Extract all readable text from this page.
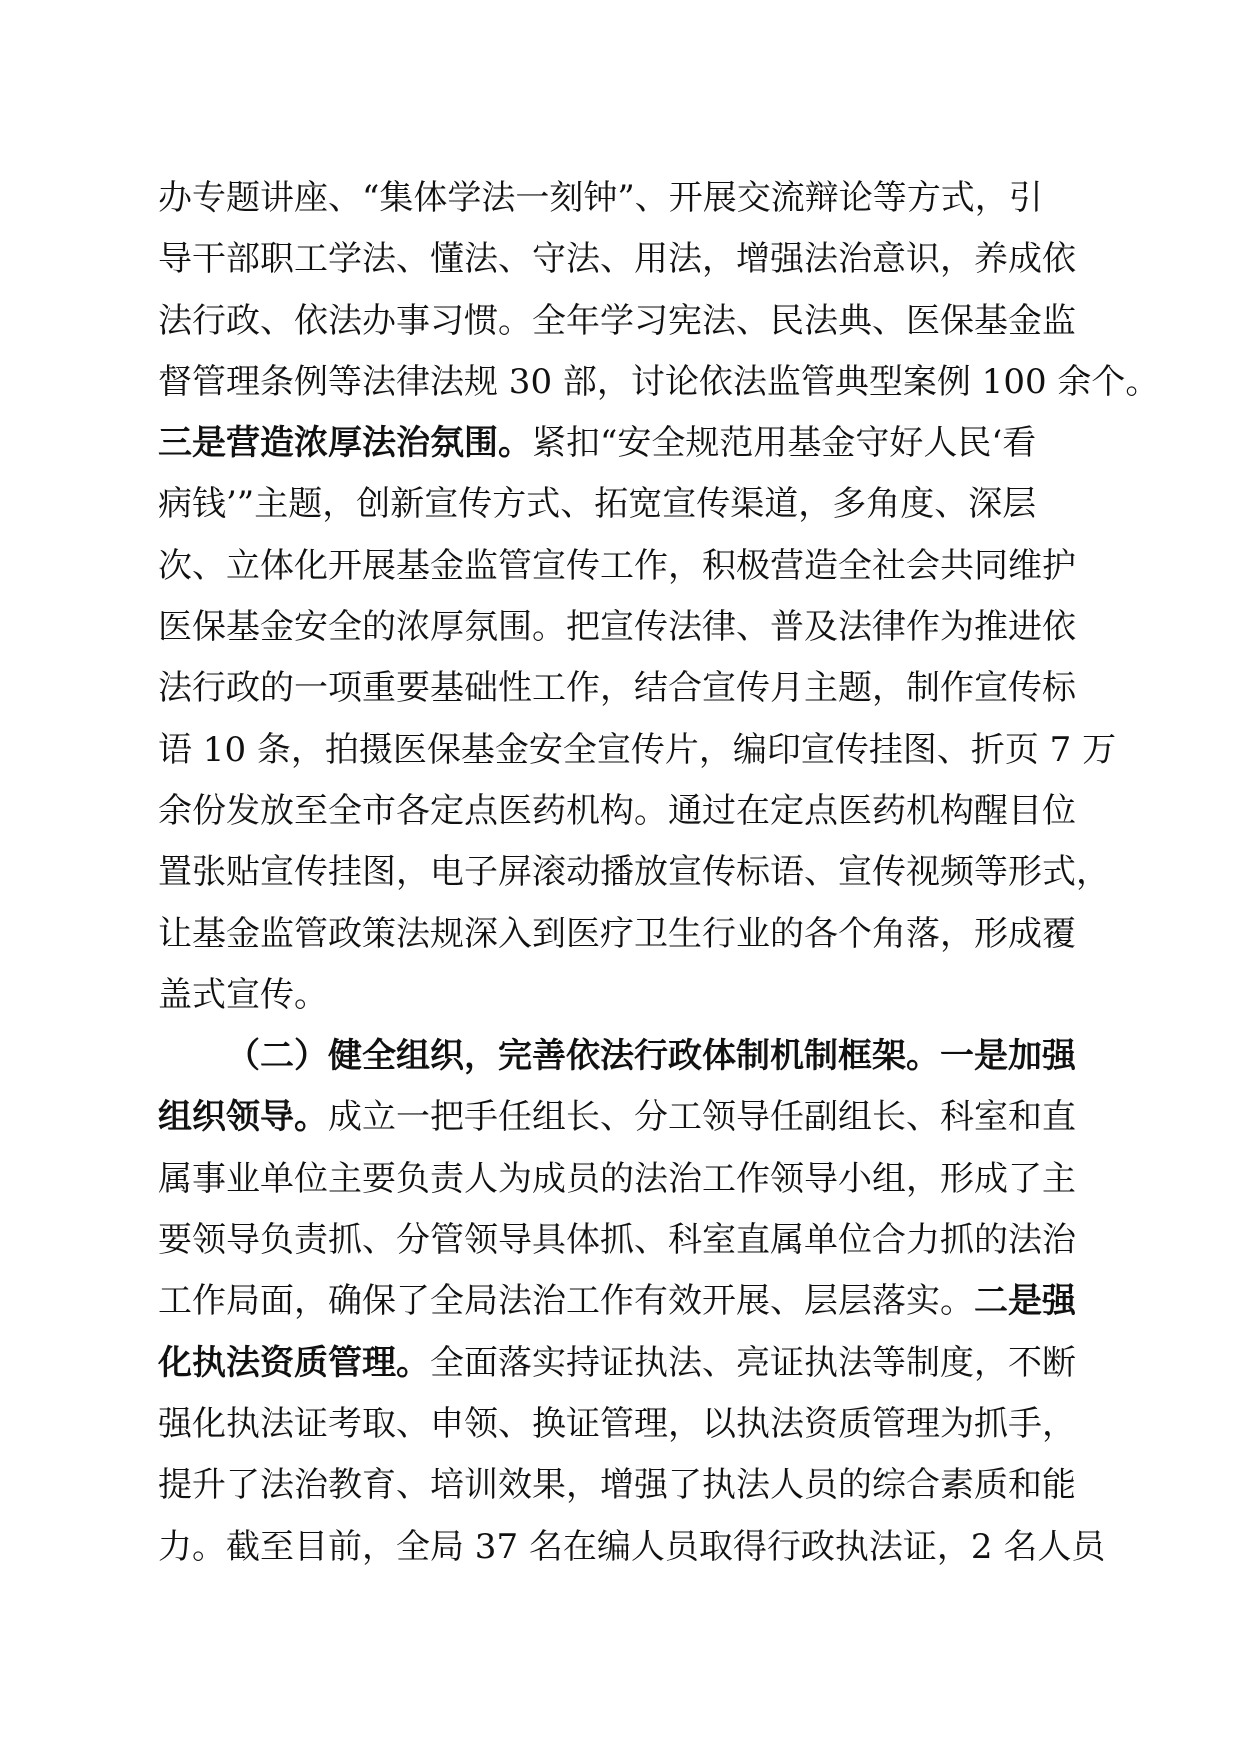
办专题讲座、“集体学法一刻钟”、开展交流辩论等方式，引
导干部职工学法、懂法、守法、用法，增强法治意识，养成依
法行政、依法办事习惯。全年学习宪法、民法典、医保基金监
督管理条例等法律法规 30 部，讨论依法监管典型案例 100 余个。
三是营造浓厚法治氛围。紧扣“安全规范用基金守好人民‘看
病钱’”主题，创新宣传方式、拓宽宣传渠道，多角度、深层
次、立体化开展基金监管宣传工作，积极营造全社会共同维护
医保基金安全的浓厚氛围。把宣传法律、普及法律作为推进依
法行政的一项重要基础性工作，结合宣传月主题，制作宣传标
语 10 条，拍摄医保基金安全宣传片，编印宣传挂图、折页 7 万
余份发放至全市各定点医药机构。通过在定点医药机构醒目位
置张贴宣传挂图，电子屏滚动播放宣传标语、宣传视频等形式，
让基金监管政策法规深入到医疗卫生行业的各个角落，形成覆
盖式宣传。
（二）健全组织，完善依法行政体制机制框架。一是加强
组织领导。成立一把手任组长、分工领导任副组长、科室和直
属事业单位主要负责人为成员的法治工作领导小组，形成了主
要领导负责抓、分管领导具体抓、科室直属单位合力抓的法治
工作局面，确保了全局法治工作有效开展、层层落实。二是强
化执法资质管理。全面落实持证执法、亮证执法等制度，不断
强化执法证考取、申领、换证管理，以执法资质管理为抓手，
提升了法治教育、培训效果，增强了执法人员的综合素质和能
力。截至目前，全局 37 名在编人员取得行政执法证，2 名人员
